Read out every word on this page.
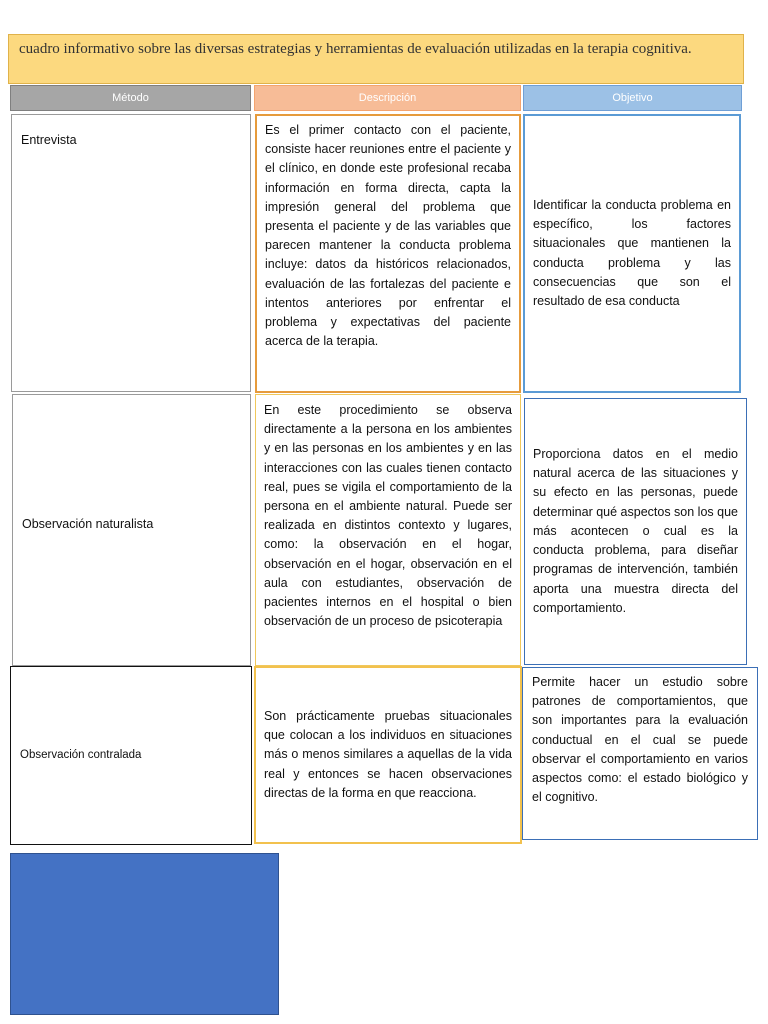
cuadro informativo sobre las diversas estrategias y herramientas de evaluación utilizadas en la terapia cognitiva.
Método	Descripción	Objetivo
Entrevista
Es el primer contacto con el paciente, consiste hacer reuniones entre el paciente y el clínico, en donde este profesional recaba información en forma directa, capta la impresión general del problema que presenta el paciente y de las variables que parecen mantener la conducta problema incluye: datos da históricos relacionados, evaluación de las fortalezas del paciente e intentos anteriores por enfrentar el problema y expectativas del paciente acerca de la terapia.
Identificar la conducta problema en específico, los factores situacionales que mantienen la conducta problema y las consecuencias que son el resultado de esa conducta
Observación naturalista
En este procedimiento se observa directamente a la persona en los ambientes y en las personas en los ambientes y en las interacciones con las cuales tienen contacto real, pues se vigila el comportamiento de la persona en el ambiente natural. Puede ser realizada en distintos contexto y lugares, como: la observación en el hogar, observación en el hogar, observación en el aula con estudiantes, observación de pacientes internos en el hospital o bien observación de un proceso de psicoterapia
Proporciona datos en el medio natural acerca de las situaciones y su efecto en las personas, puede determinar qué aspectos son los que más acontecen o cual es la conducta problema, para diseñar programas de intervención, también aporta una muestra directa del comportamiento.
Observación contralada
Son prácticamente pruebas situacionales que colocan a los individuos en situaciones más o menos similares a aquellas de la vida real y entonces se hacen observaciones directas de la forma en que reacciona.
Permite hacer un estudio sobre patrones de comportamientos, que son importantes para la evaluación conductual en el cual se puede observar el comportamiento en varios aspectos como: el estado biológico y el cognitivo.
